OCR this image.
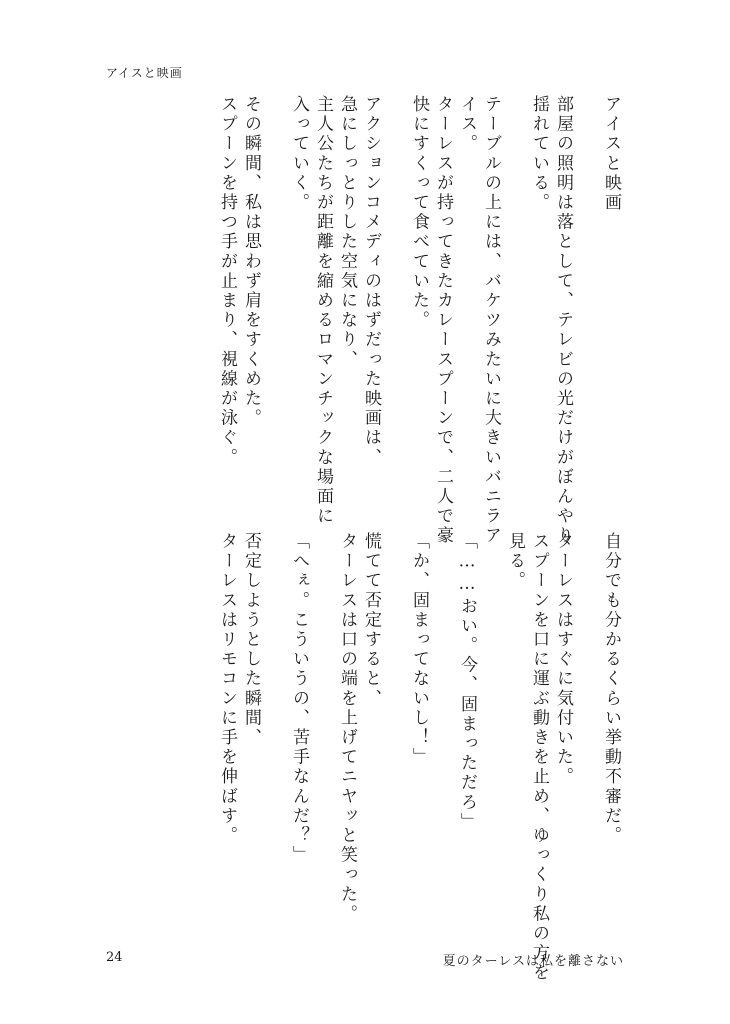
アイスと映画
アイスと映画
部屋の照明は落として、テレビの光だけがぼんやり
揺れている。
テーブルの上には、バケツみたいに大きいバニラア
イス。
ターレスが持ってきたカレースプーンで、二人で豪
快にすくって食べていた。
アクションコメディのはずだった映画は、
急にしっとりした空気になり、
主人公たちが距離を縮めるロマンチックな場面に
入っていく。
その瞬間、私は思わず肩をすくめた。
スプーンを持つ手が止まり、視線が泳ぐ。
自分でも分かるくらい挙動不審だ。
ターレスはすぐに気付いた。
スプーンを口に運ぶ動きを止め、ゆっくり私の方を
見る。
「……おい。今、固まっただろ」
「か、固まってないし！」
慌てて否定すると、
ターレスは口の端を上げてニヤッと笑った。
「へぇ。こういうの、苦手なんだ？」
否定しようとした瞬間、
ターレスはリモコンに手を伸ばす。
24	夏のターレスは私を離さない
